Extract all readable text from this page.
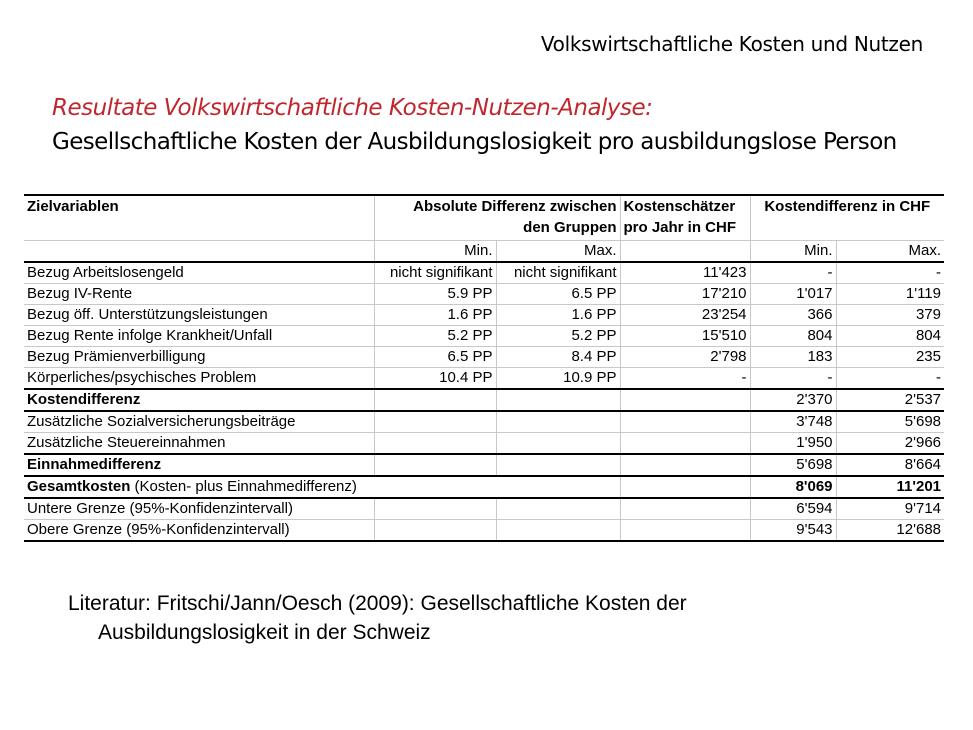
Volkswirtschaftliche Kosten und Nutzen
Resultate Volkswirtschaftliche Kosten-Nutzen-Analyse:
Gesellschaftliche Kosten der Ausbildungslosigkeit pro ausbildungslose Person
Zielvariablen	Absolute Differenz zwischen den Gruppen		Kostenschätzer pro Jahr in CHF	Kostendifferenz in CHF	
	Min.	Max.		Min.	Max.
Bezug Arbeitslosengeld	nicht signifikant	nicht signifikant	11'423	-	-
Bezug IV-Rente	5.9 PP	6.5 PP	17'210	1'017	1'119
Bezug öff. Unterstützungsleistungen	1.6 PP	1.6 PP	23'254	366	379
Bezug Rente infolge Krankheit/Unfall	5.2 PP	5.2 PP	15'510	804	804
Bezug Prämienverbilligung	6.5 PP	8.4 PP	2'798	183	235
Körperliches/psychisches Problem	10.4 PP	10.9 PP	-	-	-
Kostendifferenz				2'370	2'537
Zusätzliche Sozialversicherungsbeiträge				3'748	5'698
Zusätzliche Steuereinnahmen				1'950	2'966
Einnahmedifferenz				5'698	8'664
Gesamtkosten (Kosten- plus Einnahmedifferenz)				8'069	11'201
Untere Grenze (95%-Konfidenzintervall)				6'594	9'714
Obere Grenze (95%-Konfidenzintervall)				9'543	12'688
Literatur: Fritschi/Jann/Oesch (2009): Gesellschaftliche Kosten der
Ausbildungslosigkeit in der Schweiz
